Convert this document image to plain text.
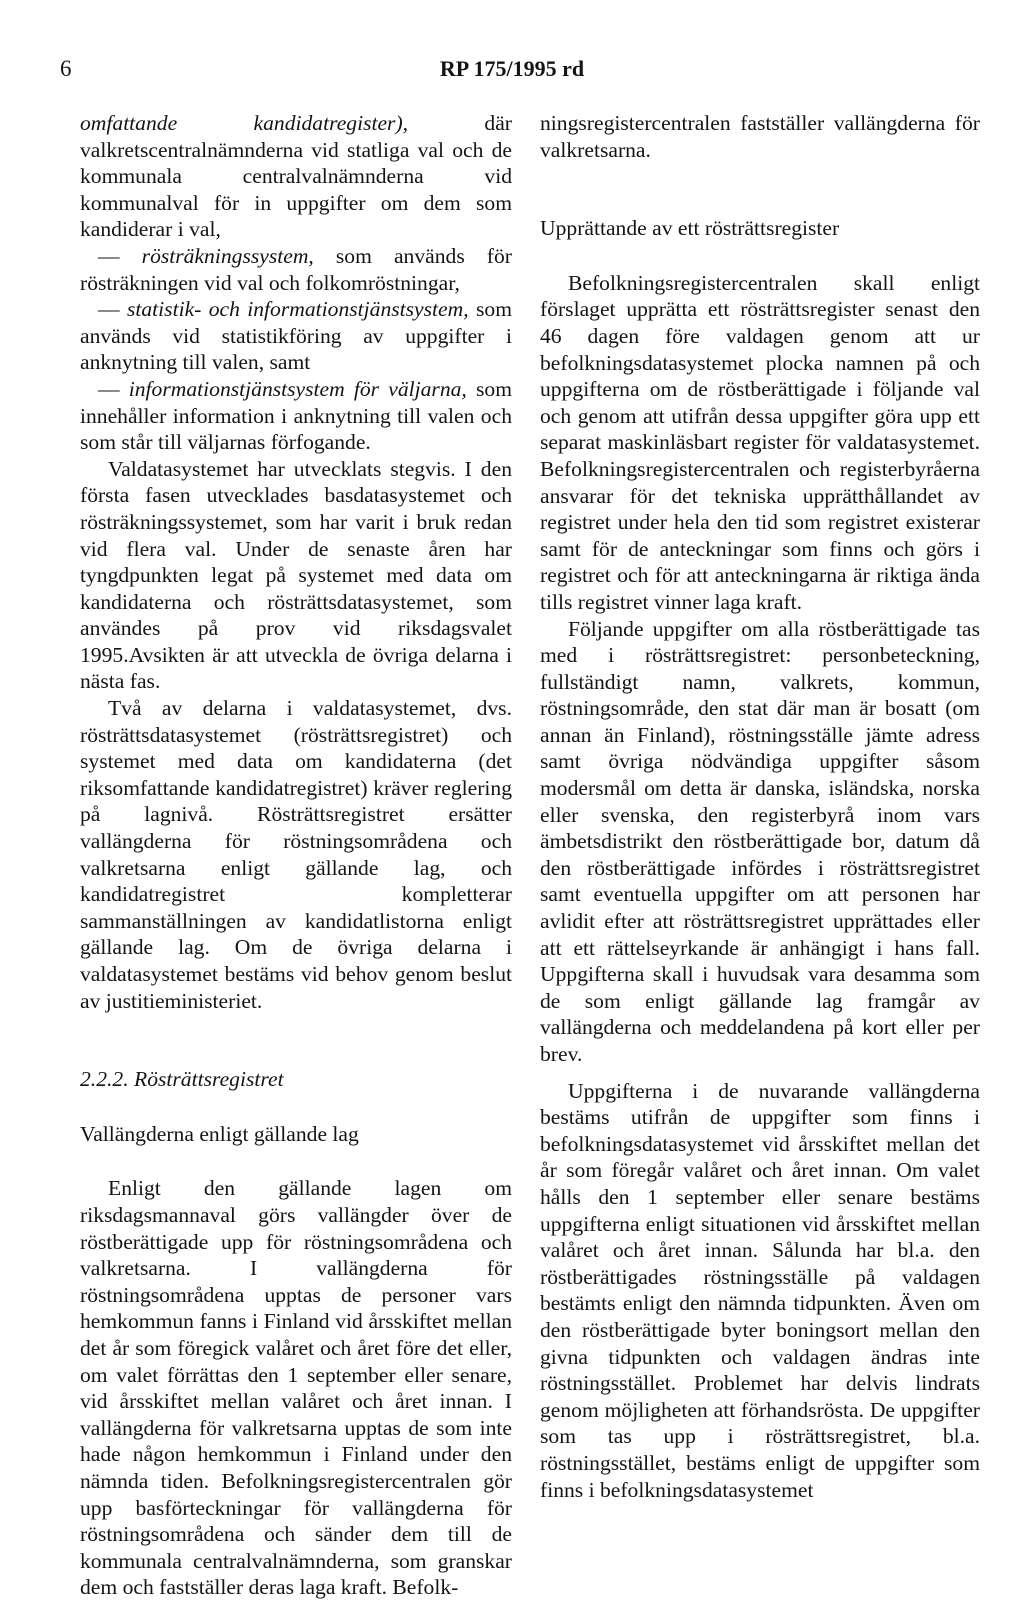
6	RP 175/1995 rd

omfattande kandidatregister), där valkretscentralnämnderna vid statliga val och de kommunala centralvalnämnderna vid kommunalval för in uppgifter om dem som kandiderar i val,

— rösträkningssystem, som används för rösträkningen vid val och folkomröstningar,

— statistik- och informationstjänstsystem, som används vid statistikföring av uppgifter i anknytning till valen, samt

— informationstjänstsystem för väljarna, som innehåller information i anknytning till valen och som står till väljarnas förfogande.

Valdatasystemet har utvecklats stegvis. I den första fasen utvecklades basdatasystemet och rösträkningssystemet, som har varit i bruk redan vid flera val. Under de senaste åren har tyngdpunkten legat på systemet med data om kandidaterna och rösträttsdatasystemet, som användes på prov vid riksdagsvalet 1995.Avsikten är att utveckla de övriga delarna i nästa fas.

Två av delarna i valdatasystemet, dvs. rösträttsdatasystemet (rösträttsregistret) och systemet med data om kandidaterna (det riksomfattande kandidatregistret) kräver reglering på lagnivå. Rösträttsregistret ersätter vallängderna för röstningsområdena och valkretsarna enligt gällande lag, och kandidatregistret kompletterar sammanställningen av kandidatlistorna enligt gällande lag. Om de övriga delarna i valdatasystemet bestäms vid behov genom beslut av justitieministeriet.

2.2.2. Rösträttsregistret

Vallängderna enligt gällande lag

Enligt den gällande lagen om riksdagsmannaval görs vallängder över de röstberättigade upp för röstningsområdena och valkretsarna. I vallängderna för röstningsområdena upptas de personer vars hemkommun fanns i Finland vid årsskiftet mellan det år som föregick valåret och året före det eller, om valet förrättas den 1 september eller senare, vid årsskiftet mellan valåret och året innan. I vallängderna för valkretsarna upptas de som inte hade någon hemkommun i Finland under den nämnda tiden. Befolkningsregistercentralen gör upp basförteckningar för vallängderna för röstningsområdena och sänder dem till de kommunala centralvalnämnderna, som granskar dem och fastställer deras laga kraft. Befolk-

ningsregistercentralen fastställer vallängderna för valkretsarna.

Upprättande av ett rösträttsregister

Befolkningsregistercentralen skall enligt förslaget upprätta ett rösträttsregister senast den 46 dagen före valdagen genom att ur befolkningsdatasystemet plocka namnen på och uppgifterna om de röstberättigade i följande val och genom att utifrån dessa uppgifter göra upp ett separat maskinläsbart register för valdatasystemet. Befolkningsregistercentralen och registerbyråerna ansvarar för det tekniska upprätthållandet av registret under hela den tid som registret existerar samt för de anteckningar som finns och görs i registret och för att anteckningarna är riktiga ända tills registret vinner laga kraft.

Följande uppgifter om alla röstberättigade tas med i rösträttsregistret: personbeteckning, fullständigt namn, valkrets, kommun, röstningsområde, den stat där man är bosatt (om annan än Finland), röstningsställe jämte adress samt övriga nödvändiga uppgifter såsom modersmål om detta är danska, isländska, norska eller svenska, den registerbyrå inom vars ämbetsdistrikt den röstberättigade bor, datum då den röstberättigade infördes i rösträttsregistret samt eventuella uppgifter om att personen har avlidit efter att rösträttsregistret upprättades eller att ett rättelseyrkande är anhängigt i hans fall. Uppgifterna skall i huvudsak vara desamma som de som enligt gällande lag framgår av vallängderna och meddelandena på kort eller per brev.

Uppgifterna i de nuvarande vallängderna bestäms utifrån de uppgifter som finns i befolkningsdatasystemet vid årsskiftet mellan det år som föregår valåret och året innan. Om valet hålls den 1 september eller senare bestäms uppgifterna enligt situationen vid årsskiftet mellan valåret och året innan. Sålunda har bl.a. den röstberättigades röstningsställe på valdagen bestämts enligt den nämnda tidpunkten. Även om den röstberättigade byter boningsort mellan den givna tidpunkten och valdagen ändras inte röstningsstället. Problemet har delvis lindrats genom möjligheten att förhandsrösta. De uppgifter som tas upp i rösträttsregistret, bl.a. röstningsstället, bestäms enligt de uppgifter som finns i befolkningsdatasystemet
